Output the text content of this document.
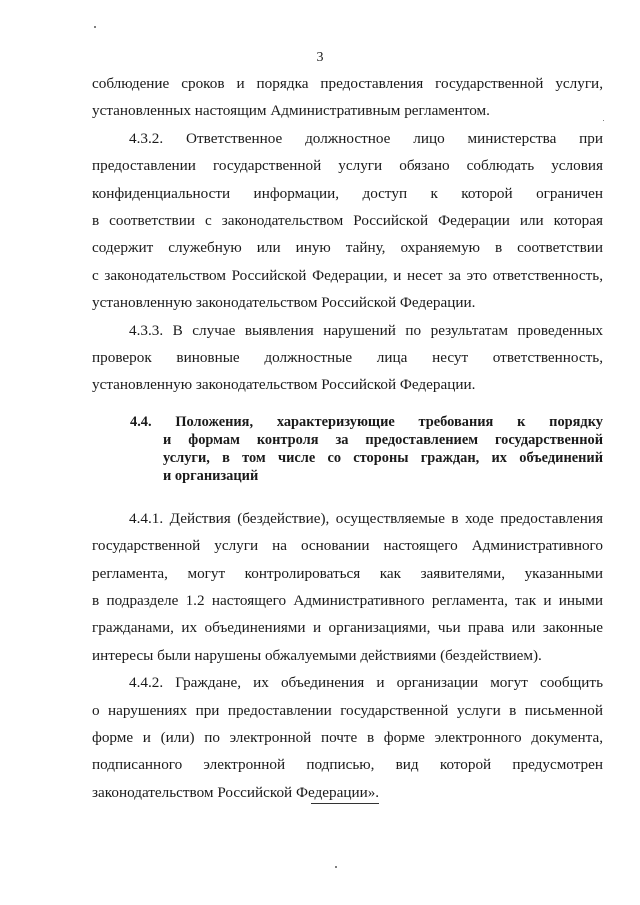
3
соблюдение сроков и порядка предоставления государственной услуги,
установленных настоящим Административным регламентом.
4.3.2. Ответственное должностное лицо министерства при
предоставлении государственной услуги обязано соблюдать условия
конфиденциальности информации, доступ к которой ограничен
в соответствии с законодательством Российской Федерации или которая
содержит служебную или иную тайну, охраняемую в соответствии
с законодательством Российской Федерации, и несет за это ответственность,
установленную законодательством Российской Федерации.
4.3.3. В случае выявления нарушений по результатам проведенных
проверок виновные должностные лица несут ответственность,
установленную законодательством Российской Федерации.
4.4. Положения, характеризующие требования к порядку
и формам контроля за предоставлением государственной
услуги, в том числе со стороны граждан, их объединений
и организаций
4.4.1. Действия (бездействие), осуществляемые в ходе предоставления
государственной услуги на основании настоящего Административного
регламента, могут контролироваться как заявителями, указанными
в подразделе 1.2 настоящего Административного регламента, так и иными
гражданами, их объединениями и организациями, чьи права или законные
интересы были нарушены обжалуемыми действиями (бездействием).
4.4.2. Граждане, их объединения и организации могут сообщить
о нарушениях при предоставлении государственной услуги в письменной
форме и (или) по электронной почте в форме электронного документа,
подписанного электронной подписью, вид которой предусмотрен
законодательством Российской Федерации».
